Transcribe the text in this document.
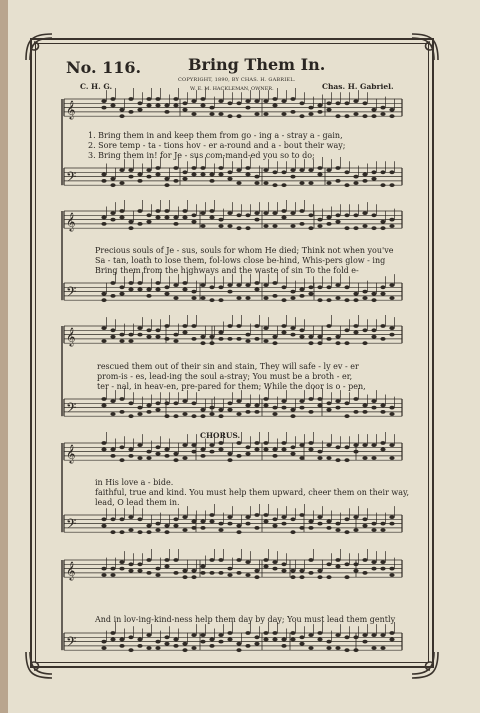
No. 116.	Bring Them In.
COPYRIGHT, 1890, BY CHAS. H. GABRIEL.
W. E. M. HACKLEMAN, OWNER.
C. H. G.	Chas. H. Gabriel.
CHORUS.
𝄞
𝄢
𝄞
𝄢
𝄞
𝄢
𝄞
𝄢
𝄞
𝄢
1. Bring them in and keep them from go - ing a - stray a - gain,
2. Sore temp - ta - tions hov - er a-round and a - bout their way;
3. Bring them in! for Je - sus com-mand-ed you so to do;
Precious souls of Je - sus, souls for whom He died; Think not when you've
Sa - tan, loath to lose them, fol-lows close be-hind, Whis-pers glow - ing
Bring them from the highways and the waste of sin To the fold e-
rescued them out of their sin and stain, They will safe - ly ev - er
prom-is - es, lead-ing the soul a-stray; You must be a broth - er,
ter - nal, in heav-en, pre-pared for them; While the door is o - pen,
in His love a - bide.
faithful, true and kind. You must help them upward, cheer them on their way,
lead, O lead them in.
And in lov-ing-kind-ness help them day by day; You must lead them gently
